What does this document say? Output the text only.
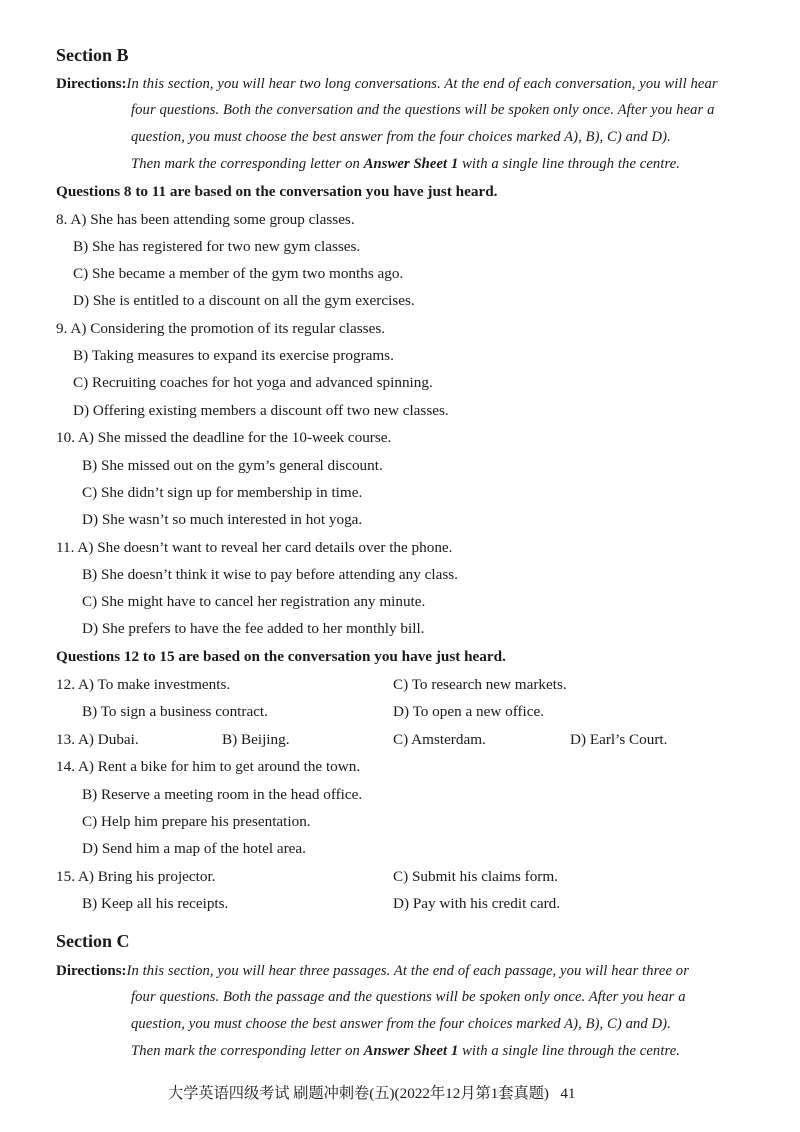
Section B
Directions:In this section, you will hear two long conversations. At the end of each conversation, you will hear
four questions. Both the conversation and the questions will be spoken only once. After you hear a
question, you must choose the best answer from the four choices marked A), B), C) and D).
Then mark the corresponding letter on Answer Sheet 1 with a single line through the centre.
Questions 8 to 11 are based on the conversation you have just heard.
8. A) She has been attending some group classes.
B) She has registered for two new gym classes.
C) She became a member of the gym two months ago.
D) She is entitled to a discount on all the gym exercises.
9. A) Considering the promotion of its regular classes.
B) Taking measures to expand its exercise programs.
C) Recruiting coaches for hot yoga and advanced spinning.
D) Offering existing members a discount off two new classes.
10. A) She missed the deadline for the 10-week course.
B) She missed out on the gym’s general discount.
C) She didn’t sign up for membership in time.
D) She wasn’t so much interested in hot yoga.
11. A) She doesn’t want to reveal her card details over the phone.
B) She doesn’t think it wise to pay before attending any class.
C) She might have to cancel her registration any minute.
D) She prefers to have the fee added to her monthly bill.
Questions 12 to 15 are based on the conversation you have just heard.
12. A) To make investments.	C) To research new markets.
B) To sign a business contract.	D) To open a new office.
13. A) Dubai.	B) Beijing.	C) Amsterdam.	D) Earl’s Court.
14. A) Rent a bike for him to get around the town.
B) Reserve a meeting room in the head office.
C) Help him prepare his presentation.
D) Send him a map of the hotel area.
15. A) Bring his projector.	C) Submit his claims form.
B) Keep all his receipts.	D) Pay with his credit card.
Section C
Directions:In this section, you will hear three passages. At the end of each passage, you will hear three or
four questions. Both the passage and the questions will be spoken only once. After you hear a
question, you must choose the best answer from the four choices marked A), B), C) and D).
Then mark the corresponding letter on Answer Sheet 1 with a single line through the centre.
大学英语四级考试 刷题冲刺卷(五)(2022年12月第1套真题) 41
